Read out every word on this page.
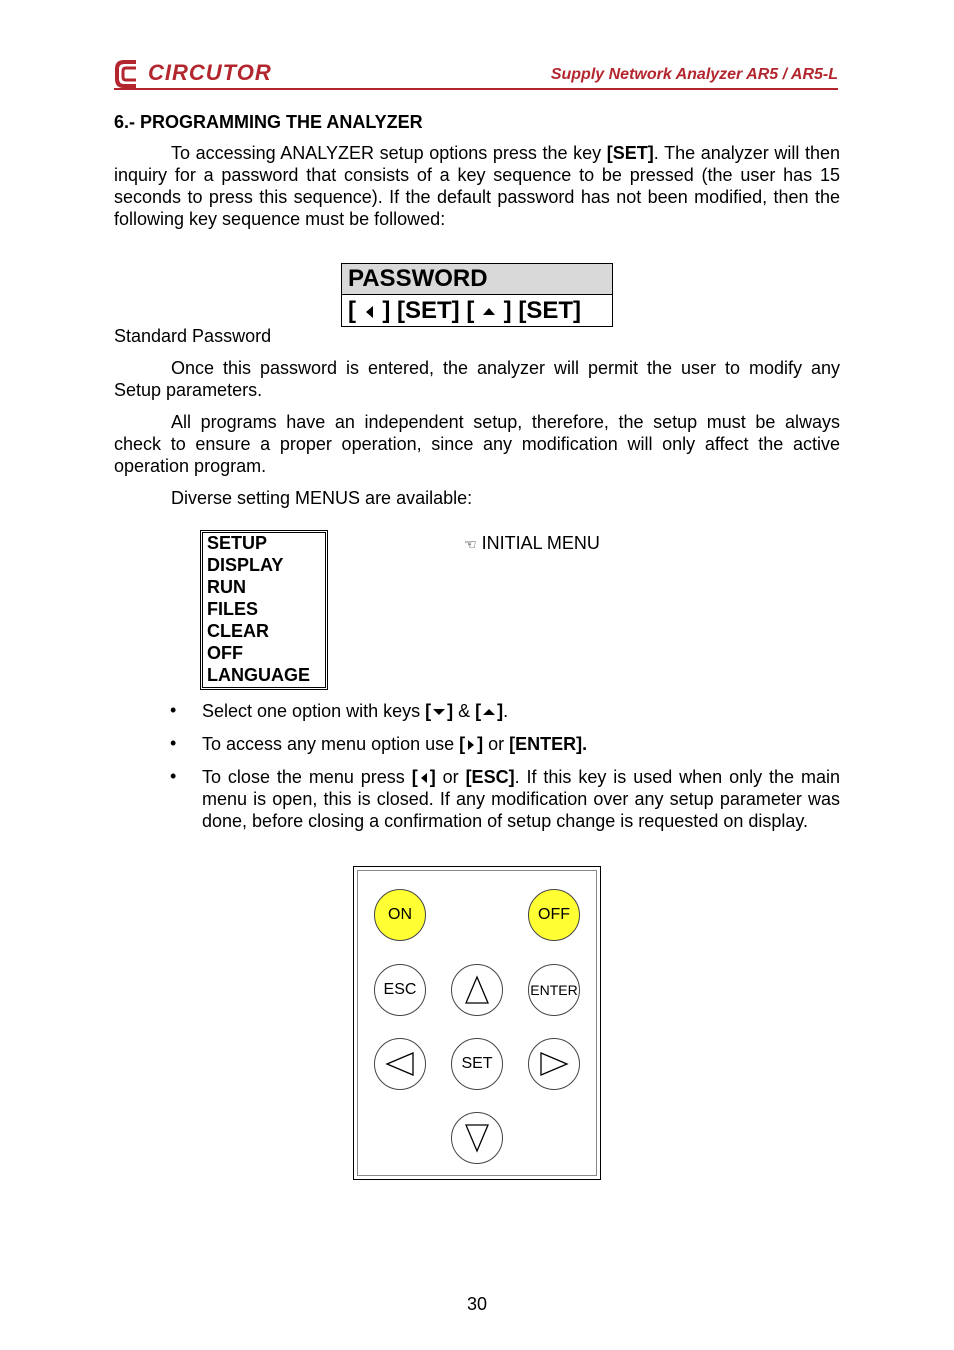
CIRCUTOR	Supply Network Analyzer AR5 / AR5-L
6.- PROGRAMMING THE ANALYZER
To accessing ANALYZER setup options press the key [SET]. The analyzer will then inquiry for a password that consists of a key sequence to be pressed (the user has 15 seconds to press this sequence). If the default password has not been modified, then the following key sequence must be followed:
PASSWORD
[ ] [SET] [ ] [SET]
Standard Password
Once this password is entered, the analyzer will permit the user to modify any Setup parameters.
All programs have an independent setup, therefore, the setup must be always check to ensure a proper operation, since any modification will only affect the active operation program.
Diverse setting MENUS are available:
SETUP
DISPLAY
RUN
FILES
CLEAR
OFF
LANGUAGE
☜ INITIAL MENU
• Select one option with keys [ ] & [ ].
• To access any menu option use [ ] or [ENTER].
• To close the menu press [ ] or [ESC]. If this key is used when only the main menu is open, this is closed. If any modification over any setup parameter was done, before closing a confirmation of setup change is requested on display.
ON	OFF
ESC	ENTER
SET
30
